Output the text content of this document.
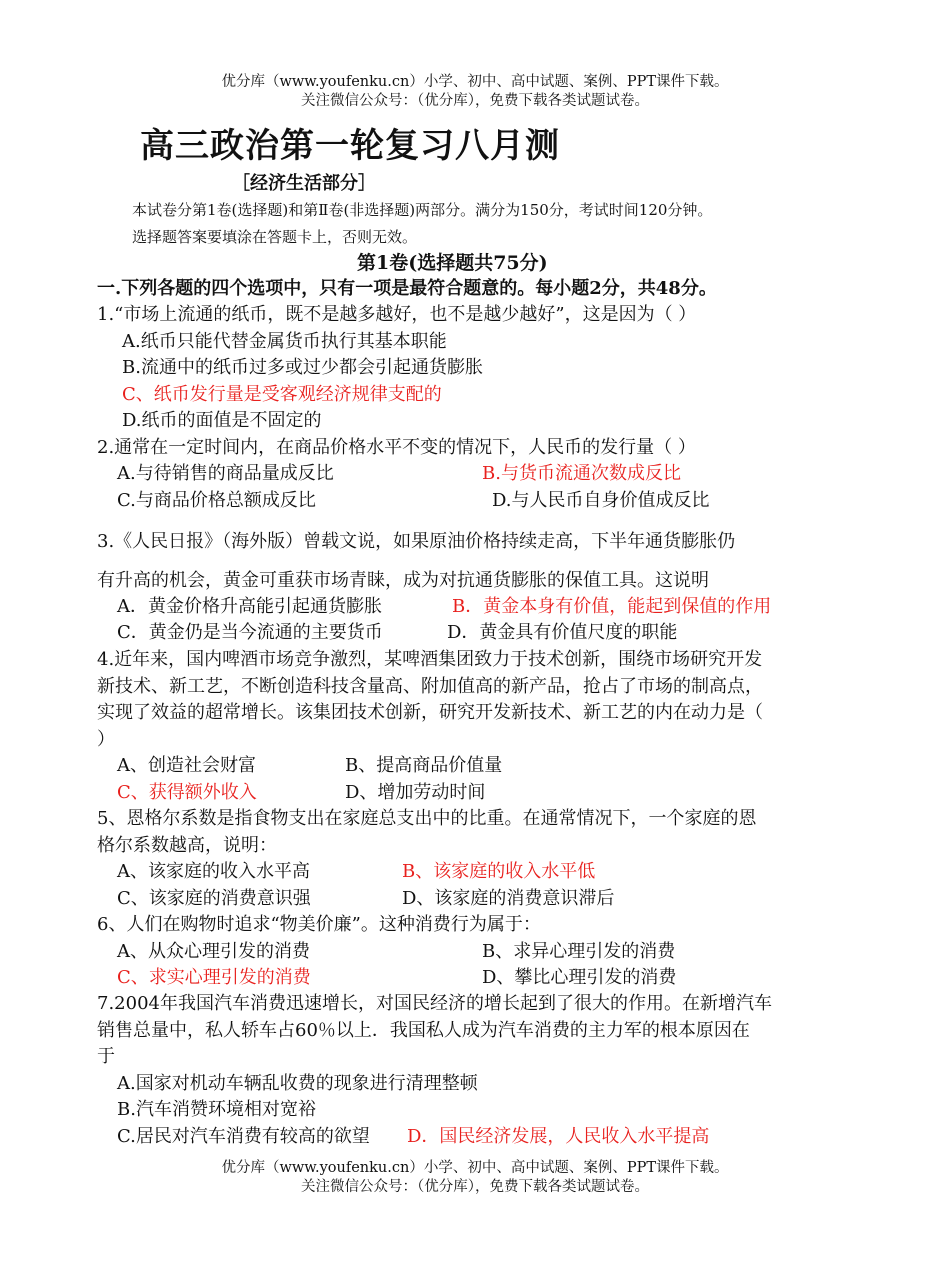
优分库（www.youfenku.cn）小学、初中、高中试题、案例、PPT课件下载。
关注微信公众号：（优分库），免费下载各类试题试卷。
高三政治第一轮复习八月测
［经济生活部分］
本试卷分第1卷(选择题)和第Ⅱ卷(非选择题)两部分。满分为150分，考试时间120分钟。
选择题答案要填涂在答题卡上，否则无效。
第1卷(选择题共75分)
一.下列各题的四个选项中，只有一项是最符合题意的。每小题2分，共48分。
1.“市场上流通的纸币，既不是越多越好，也不是越少越好”，这是因为（ ）
A.纸币只能代替金属货币执行其基本职能
B.流通中的纸币过多或过少都会引起通货膨胀
C、纸币发行量是受客观经济规律支配的
D.纸币的面值是不固定的
2.通常在一定时间内，在商品价格水平不变的情况下，人民币的发行量（ ）
A.与待销售的商品量成反比	B.与货币流通次数成反比
C.与商品价格总额成反比	D.与人民币自身价值成反比
3.《人民日报》（海外版）曾载文说，如果原油价格持续走高，下半年通货膨胀仍
有升高的机会，黄金可重获市场青睐，成为对抗通货膨胀的保值工具。这说明
A．黄金价格升高能引起通货膨胀	B．黄金本身有价值，能起到保值的作用
C．黄金仍是当今流通的主要货币	D．黄金具有价值尺度的职能
4.近年来，国内啤酒市场竞争激烈，某啤酒集团致力于技术创新，围绕市场研究开发
新技术、新工艺，不断创造科技含量高、附加值高的新产品，抢占了市场的制高点，
实现了效益的超常增长。该集团技术创新，研究开发新技术、新工艺的内在动力是（
）
A、创造社会财富	B、提高商品价值量
C、获得额外收入	D、增加劳动时间
5、恩格尔系数是指食物支出在家庭总支出中的比重。在通常情况下，一个家庭的恩
格尔系数越高，说明：
A、该家庭的收入水平高	B、该家庭的收入水平低
C、该家庭的消费意识强	D、该家庭的消费意识滞后
6、人们在购物时追求“物美价廉”。这种消费行为属于：
A、从众心理引发的消费	B、求异心理引发的消费
C、求实心理引发的消费	D、攀比心理引发的消费
7.2004年我国汽车消费迅速增长，对国民经济的增长起到了很大的作用。在新增汽车
销售总量中，私人轿车占60％以上．我国私人成为汽车消费的主力军的根本原因在
于
A.国家对机动车辆乱收费的现象进行清理整顿
B.汽车消赞环境相对宽裕
C.居民对汽车消费有较高的欲望 D．国民经济发展，人民收入水平提高
优分库（www.youfenku.cn）小学、初中、高中试题、案例、PPT课件下载。
关注微信公众号：（优分库），免费下载各类试题试卷。
